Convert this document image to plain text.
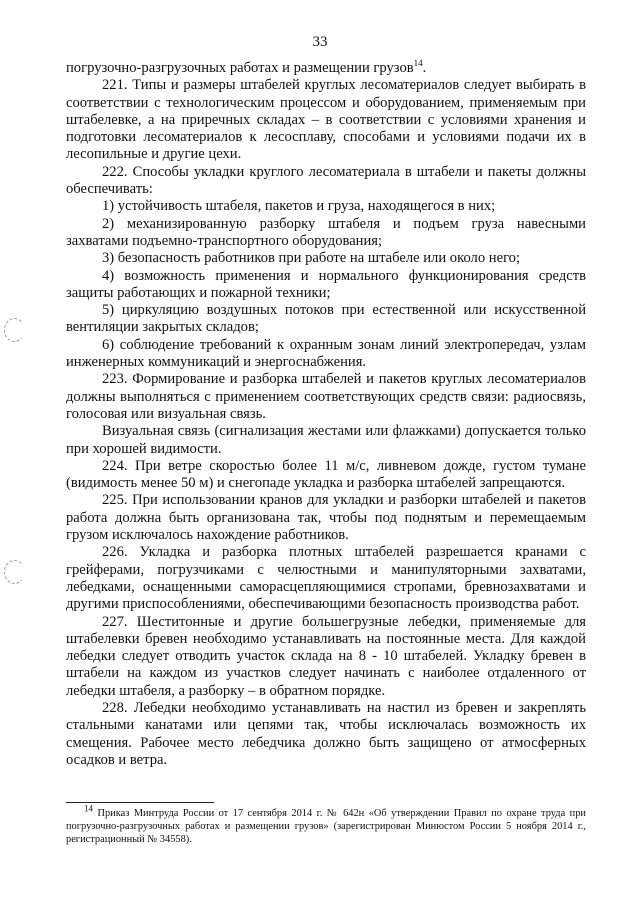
33

погрузочно-разгрузочных работах и размещении грузов$^{14}$.

221. Типы и размеры штабелей круглых лесоматериалов следует выбирать в соответствии с технологическим процессом и оборудованием, применяемым при штабелевке, а на приречных складах – в соответствии с условиями хранения и подготовки лесоматериалов к лесосплаву, способами и условиями подачи их в лесопильные и другие цехи.

222. Способы укладки круглого лесоматериала в штабели и пакеты должны обеспечивать:

1) устойчивость штабеля, пакетов и груза, находящегося в них;

2) механизированную разборку штабеля и подъем груза навесными захватами подъемно-транспортного оборудования;

3) безопасность работников при работе на штабеле или около него;

4) возможность применения и нормального функционирования средств защиты работающих и пожарной техники;

5) циркуляцию воздушных потоков при естественной или искусственной вентиляции закрытых складов;

6) соблюдение требований к охранным зонам линий электропередач, узлам инженерных коммуникаций и энергоснабжения.

223. Формирование и разборка штабелей и пакетов круглых лесоматериалов должны выполняться с применением соответствующих средств связи: радиосвязь, голосовая или визуальная связь.

Визуальная связь (сигнализация жестами или флажками) допускается только при хорошей видимости.

224. При ветре скоростью более 11 м/с, ливневом дожде, густом тумане (видимость менее 50 м) и снегопаде укладка и разборка штабелей запрещаются.

225. При использовании кранов для укладки и разборки штабелей и пакетов работа должна быть организована так, чтобы под поднятым и перемещаемым грузом исключалось нахождение работников.

226. Укладка и разборка плотных штабелей разрешается кранами с грейферами, погрузчиками с челюстными и манипуляторными захватами, лебедками, оснащенными саморасцепляющимися стропами, бревнозахватами и другими приспособлениями, обеспечивающими безопасность производства работ.

227. Шеститонные и другие большегрузные лебедки, применяемые для штабелевки бревен необходимо устанавливать на постоянные места. Для каждой лебедки следует отводить участок склада на 8 - 10 штабелей. Укладку бревен в штабели на каждом из участков следует начинать с наиболее отдаленного от лебедки штабеля, а разборку – в обратном порядке.

228. Лебедки необходимо устанавливать на настил из бревен и закреплять стальными канатами или цепями так, чтобы исключалась возможность их смещения. Рабочее место лебедчика должно быть защищено от атмосферных осадков и ветра.

$^{14}$ Приказ Минтруда России от 17 сентября 2014 г. № 642н «Об утверждении Правил по охране труда при погрузочно-разгрузочных работах и размещении грузов» (зарегистрирован Минюстом России 5 ноября 2014 г., регистрационный № 34558).
